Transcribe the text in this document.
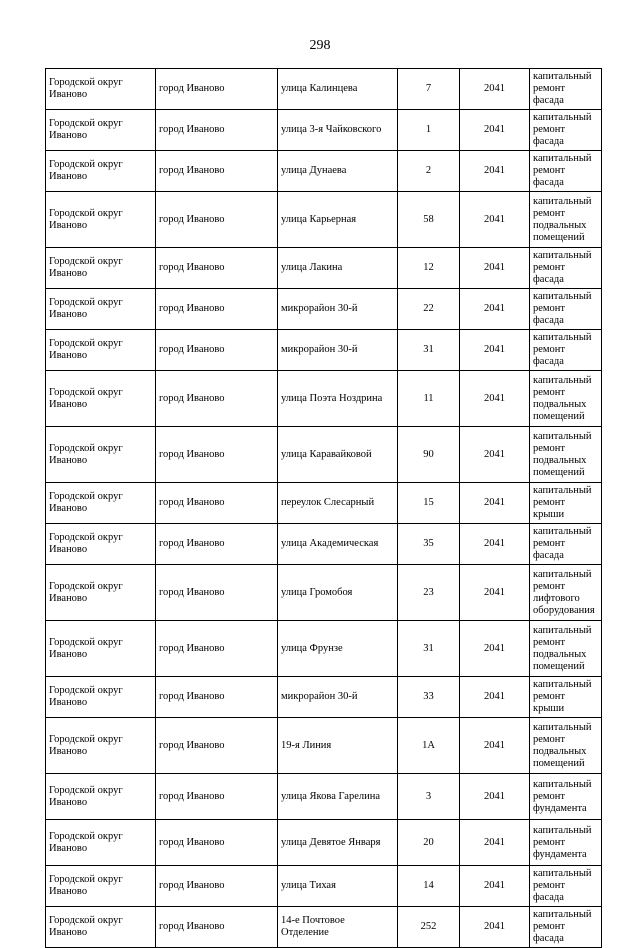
298
Городской округ Иваново	город Иваново	улица Калинцева	7	2041	капитальный ремонт фасада
Городской округ Иваново	город Иваново	улица 3-я Чайковского	1	2041	капитальный ремонт фасада
Городской округ Иваново	город Иваново	улица Дунаева	2	2041	капитальный ремонт фасада
Городской округ Иваново	город Иваново	улица Карьерная	58	2041	капитальный ремонт подвальных помещений
Городской округ Иваново	город Иваново	улица Лакина	12	2041	капитальный ремонт фасада
Городской округ Иваново	город Иваново	микрорайон 30-й	22	2041	капитальный ремонт фасада
Городской округ Иваново	город Иваново	микрорайон 30-й	31	2041	капитальный ремонт фасада
Городской округ Иваново	город Иваново	улица Поэта Ноздрина	11	2041	капитальный ремонт подвальных помещений
Городской округ Иваново	город Иваново	улица Каравайковой	90	2041	капитальный ремонт подвальных помещений
Городской округ Иваново	город Иваново	переулок Слесарный	15	2041	капитальный ремонт крыши
Городской округ Иваново	город Иваново	улица Академическая	35	2041	капитальный ремонт фасада
Городской округ Иваново	город Иваново	улица Громобоя	23	2041	капитальный ремонт лифтового оборудования
Городской округ Иваново	город Иваново	улица Фрунзе	31	2041	капитальный ремонт подвальных помещений
Городской округ Иваново	город Иваново	микрорайон 30-й	33	2041	капитальный ремонт крыши
Городской округ Иваново	город Иваново	19-я Линия	1А	2041	капитальный ремонт подвальных помещений
Городской округ Иваново	город Иваново	улица Якова Гарелина	3	2041	капитальный ремонт фундамента
Городской округ Иваново	город Иваново	улица Девятое Января	20	2041	капитальный ремонт фундамента
Городской округ Иваново	город Иваново	улица Тихая	14	2041	капитальный ремонт фасада
Городской округ Иваново	город Иваново	14-е Почтовое Отделение	252	2041	капитальный ремонт фасада
